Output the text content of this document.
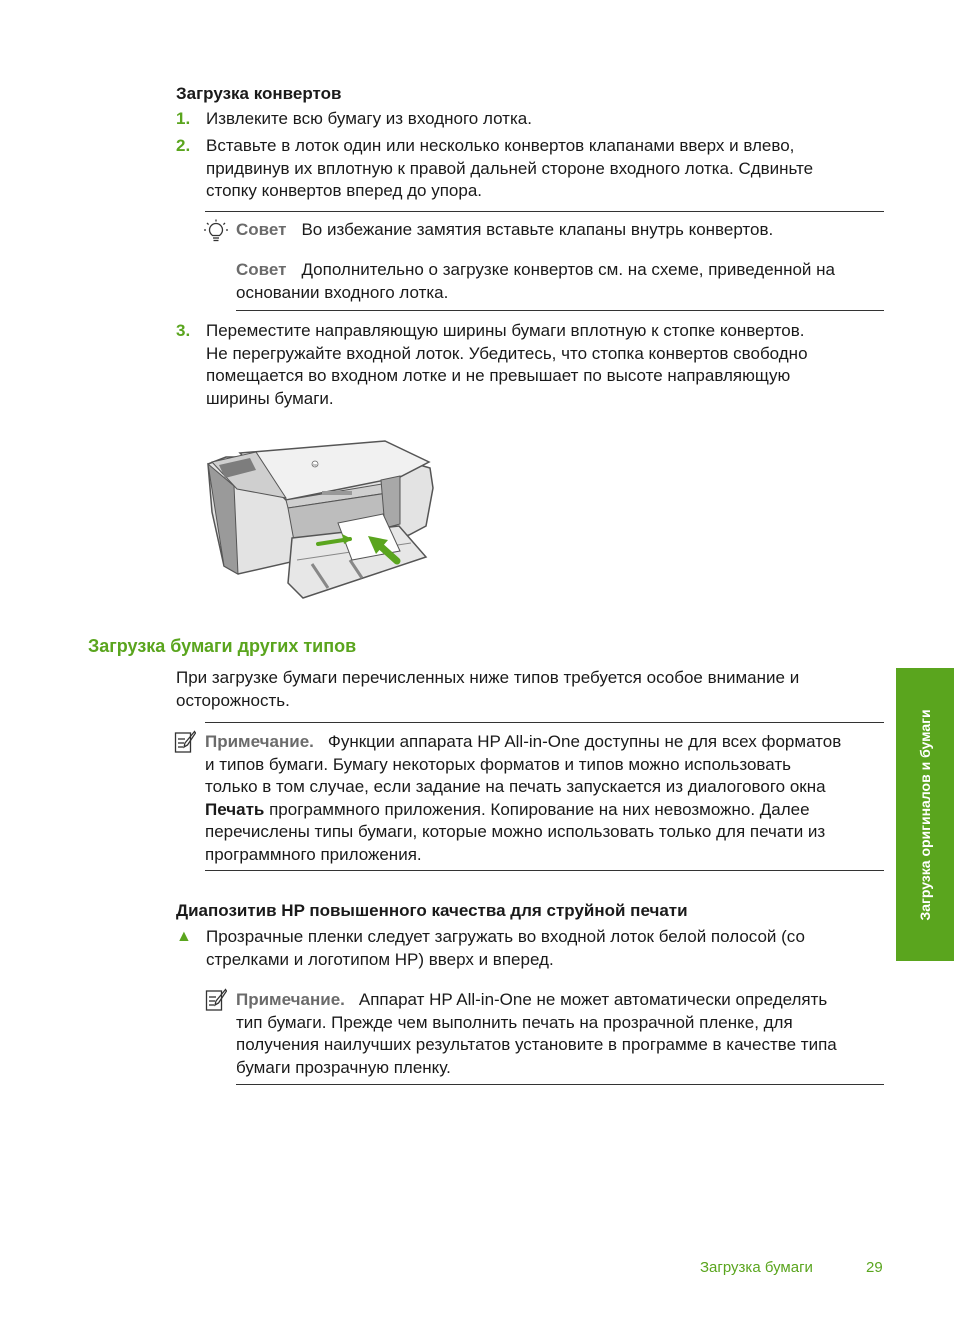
Загрузка конвертов
1. Извлеките всю бумагу из входного лотка.
2. Вставьте в лоток один или несколько конвертов клапанами вверх и влево,
придвинув их вплотную к правой дальней стороне входного лотка. Сдвиньте
стопку конвертов вперед до упора.
Совет Во избежание замятия вставьте клапаны внутрь конвертов.
Совет Дополнительно о загрузке конвертов см. на схеме, приведенной на
основании входного лотка.
3. Переместите направляющую ширины бумаги вплотную к стопке конвертов.
Не перегружайте входной лоток. Убедитесь, что стопка конвертов свободно
помещается во входном лотке и не превышает по высоте направляющую
ширины бумаги.
hp
Загрузка бумаги других типов
При загрузке бумаги перечисленных ниже типов требуется особое внимание и
осторожность.
Примечание. Функции аппарата HP All-in-One доступны не для всех форматов
и типов бумаги. Бумагу некоторых форматов и типов можно использовать
только в том случае, если задание на печать запускается из диалогового окна
Печать программного приложения. Копирование на них невозможно. Далее
перечислены типы бумаги, которые можно использовать только для печати из
программного приложения.
Диапозитив HP повышенного качества для струйной печати
▲ Прозрачные пленки следует загружать во входной лоток белой полосой (со
стрелками и логотипом HP) вверх и вперед.
Примечание. Аппарат HP All-in-One не может автоматически определять
тип бумаги. Прежде чем выполнить печать на прозрачной пленке, для
получения наилучших результатов установите в программе в качестве типа
бумаги прозрачную пленку.
Загрузка оригиналов и бумаги
Загрузка бумаги	29
